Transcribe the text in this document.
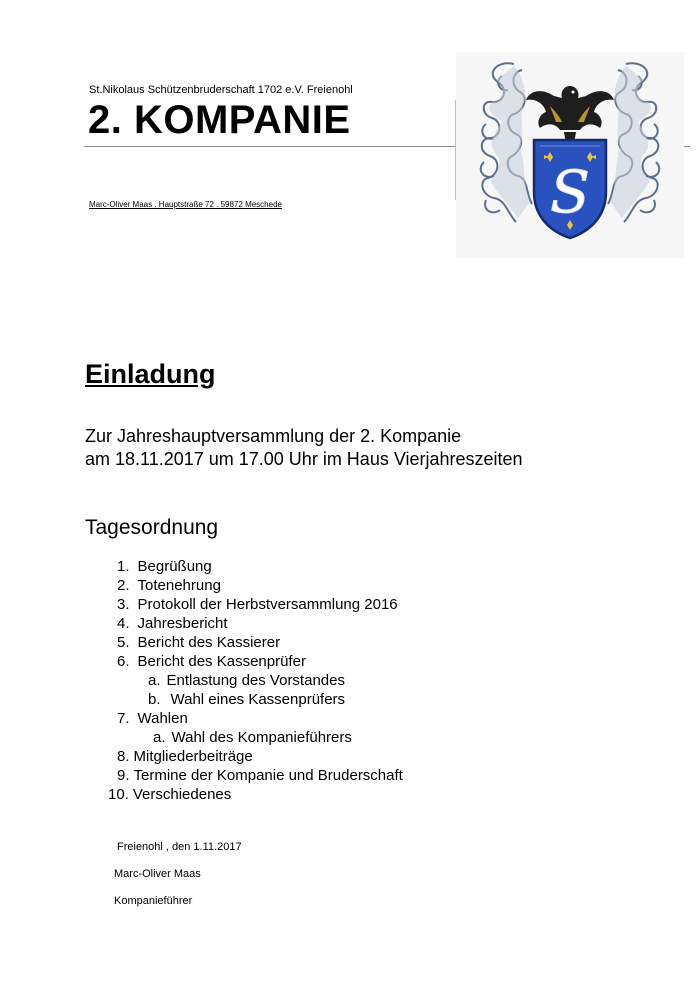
St.Nikolaus Schützenbruderschaft 1702 e.V. Freienohl
2. KOMPANIE
Marc-Oliver Maas . Hauptstraße 72 . 59872 Meschede	S
Einladung
Zur Jahreshauptversammlung der 2. Kompanie
am 18.11.2017 um 17.00 Uhr im Haus Vierjahreszeiten
Tagesordnung
1. Begrüßung
2. Totenehrung
3. Protokoll der Herbstversammlung 2016
4. Jahresbericht
5. Bericht des Kassierer
6. Bericht des Kassenprüfer
a. Entlastung des Vorstandes
b. Wahl eines Kassenprüfers
7. Wahlen
a. Wahl des Kompanieführers
8. Mitgliederbeiträge
9. Termine der Kompanie und Bruderschaft
10. Verschiedenes
Freienohl , den 1.11.2017
Marc-Oliver Maas
Kompanieführer
